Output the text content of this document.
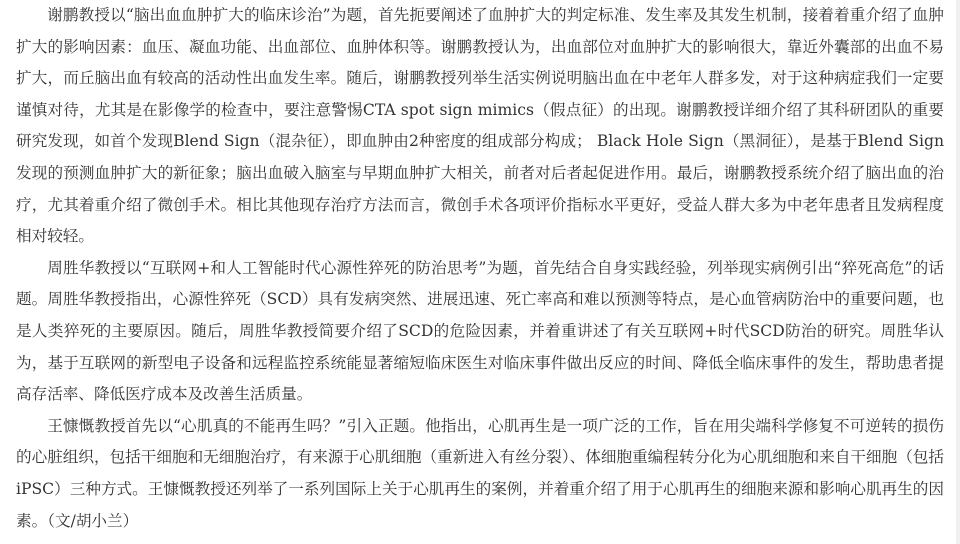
谢鹏教授以“脑出血血肿扩大的临床诊治”为题，首先扼要阐述了血肿扩大的判定标准、发生率及其发生机制，接着着重介绍了血肿扩大的影响因素：血压、凝血功能、出血部位、血肿体积等。谢鹏教授认为，出血部位对血肿扩大的影响很大，靠近外囊部的出血不易扩大，而丘脑出血有较高的活动性出血发生率。随后，谢鹏教授列举生活实例说明脑出血在中老年人群多发，对于这种病症我们一定要谨慎对待，尤其是在影像学的检查中，要注意警惕CTA spot sign mimics（假点征）的出现。谢鹏教授详细介绍了其科研团队的重要研究发现，如首个发现Blend Sign（混杂征），即血肿由2种密度的组成部分构成； Black Hole Sign（黑洞征），是基于Blend Sign发现的预测血肿扩大的新征象；脑出血破入脑室与早期血肿扩大相关，前者对后者起促进作用。最后，谢鹏教授系统介绍了脑出血的治疗，尤其着重介绍了微创手术。相比其他现存治疗方法而言，微创手术各项评价指标水平更好，受益人群大多为中老年患者且发病程度相对较轻。

周胜华教授以“互联网+和人工智能时代心源性猝死的防治思考”为题，首先结合自身实践经验，列举现实病例引出“猝死高危”的话题。周胜华教授指出，心源性猝死（SCD）具有发病突然、进展迅速、死亡率高和难以预测等特点，是心血管病防治中的重要问题，也是人类猝死的主要原因。随后，周胜华教授简要介绍了SCD的危险因素，并着重讲述了有关互联网+时代SCD防治的研究。周胜华认为，基于互联网的新型电子设备和远程监控系统能显著缩短临床医生对临床事件做出反应的时间、降低全临床事件的发生，帮助患者提高存活率、降低医疗成本及改善生活质量。

王慷慨教授首先以“心肌真的不能再生吗？”引入正题。他指出，心肌再生是一项广泛的工作，旨在用尖端科学修复不可逆转的损伤的心脏组织，包括干细胞和无细胞治疗，有来源于心肌细胞（重新进入有丝分裂）、体细胞重编程转分化为心肌细胞和来自干细胞（包括iPSC）三种方式。王慷慨教授还列举了一系列国际上关于心肌再生的案例，并着重介绍了用于心肌再生的细胞来源和影响心肌再生的因素。（文/胡小兰）
